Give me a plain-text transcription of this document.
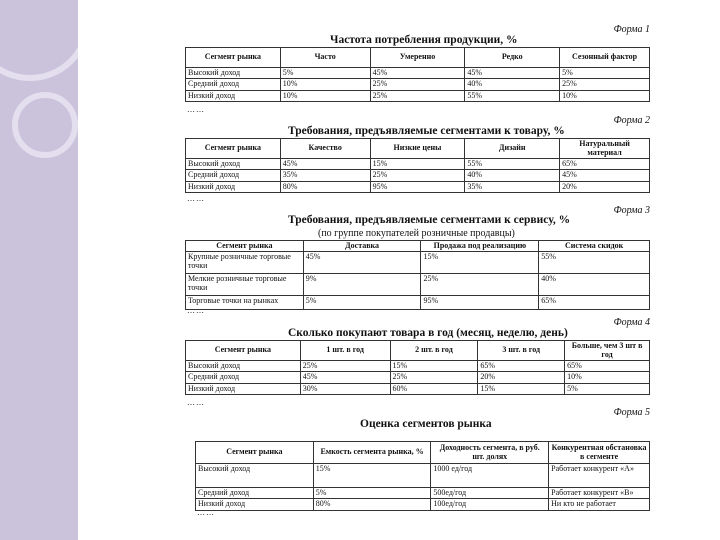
Форма 1
Частота потребления продукции, %
Сегмент рынка	Часто	Умеренно	Редко	Сезонный фактор
Высокий доход	5%	45%	45%	5%
Средний доход	10%	25%	40%	25%
Низкий доход	10%	25%	55%	10%
……
Форма 2
Требования, предъявляемые сегментами к товару, %
Сегмент рынка	Качество	Низкие цены	Дизайн	Натуральный материал
Высокий доход	45%	15%	55%	65%
Средний доход	35%	25%	40%	45%
Низкий доход	80%	95%	35%	20%
……
Форма 3
Требования, предъявляемые сегментами к сервису, %
(по группе покупателей розничные продавцы)
Сегмент рынка	Доставка	Продажа под реализацию	Система скидок
Крупные розничные торговые точки	45%	15%	55%
Мелкие розничные торговые точки	9%	25%	40%
Торговые точки на рынках	5%	95%	65%
……
Форма 4
Сколько покупают товара в год (месяц, неделю, день)
Сегмент рынка	1 шт. в год	2 шт. в год	3 шт. в год	Больше, чем 3 шт в год
Высокий доход	25%	15%	65%	65%
Средний доход	45%	25%	20%	10%
Низкий доход	30%	60%	15%	5%
……
Форма 5
Оценка сегментов рынка
Сегмент рынка	Емкость сегмента рынка, %	Доходность сегмента, в руб. шт. долях	Конкурентная обстановка в сегменте
Высокий доход	15%	1000 ед/год	Работает конкурент «А»
Средний доход	5%	500ед/год	Работает конкурент «В»
Низкий доход	80%	100ед/год	Ни кто не работает
……
